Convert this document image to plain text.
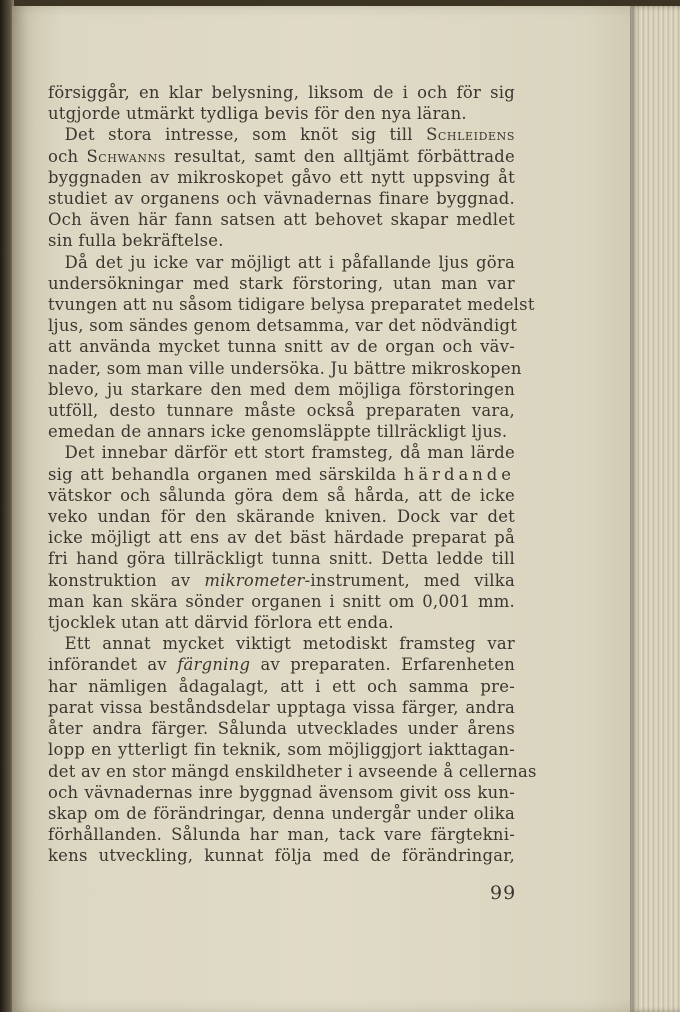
försiggår, en klar belysning, liksom de i och för sig
utgjorde utmärkt tydliga bevis för den nya läran.
 Det stora intresse, som knöt sig till Schleidens
och Schwanns resultat, samt den alltjämt förbättrade
byggnaden av mikroskopet gåvo ett nytt uppsving åt
studiet av organens och vävnadernas finare byggnad.
Och även här fann satsen att behovet skapar medlet
sin fulla bekräftelse.
 Då det ju icke var möjligt att i påfallande ljus göra
undersökningar med stark förstoring, utan man var
tvungen att nu såsom tidigare belysa preparatet medelst
ljus, som sändes genom detsamma, var det nödvändigt
att använda mycket tunna snitt av de organ och väv-
nader, som man ville undersöka. Ju bättre mikroskopen
blevo, ju starkare den med dem möjliga förstoringen
utföll, desto tunnare måste också preparaten vara,
emedan de annars icke genomsläppte tillräckligt ljus.
 Det innebar därför ett stort framsteg, då man lärde
sig att behandla organen med särskilda härdande
vätskor och sålunda göra dem så hårda, att de icke
veko undan för den skärande kniven. Dock var det
icke möjligt att ens av det bäst härdade preparat på
fri hand göra tillräckligt tunna snitt. Detta ledde till
konstruktion av mikrometer-instrument, med vilka
man kan skära sönder organen i snitt om 0,001 mm.
tjocklek utan att därvid förlora ett enda.
 Ett annat mycket viktigt metodiskt framsteg var
införandet av färgning av preparaten. Erfarenheten
har nämligen ådagalagt, att i ett och samma pre-
parat vissa beståndsdelar upptaga vissa färger, andra
åter andra färger. Sålunda utvecklades under årens
lopp en ytterligt fin teknik, som möjliggjort iakttagan-
det av en stor mängd enskildheter i avseende å cellernas
och vävnadernas inre byggnad ävensom givit oss kun-
skap om de förändringar, denna undergår under olika
förhållanden. Sålunda har man, tack vare färgtekni-
kens utveckling, kunnat följa med de förändringar,
99
